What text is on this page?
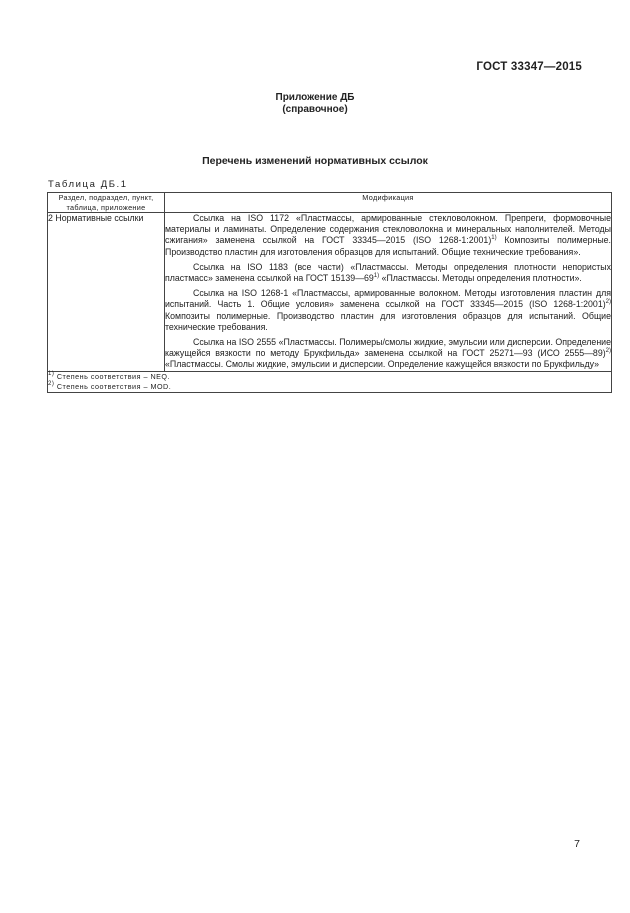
ГОСТ 33347—2015
Приложение ДБ
(справочное)
Перечень изменений нормативных ссылок
Таблица ДБ.1
Раздел, подраздел, пункт,
таблица, приложение	Модификация
2 Нормативные ссылки	Ссылка на ISO 1172 «Пластмассы, армированные стекловолокном. Препреги, формовочные материалы и ламинаты. Определение содержания стекловолокна и минеральных наполнителей. Методы сжигания» заменена ссылкой на ГОСТ 33345—2015 (ISO 1268-1:2001)$^{1)}$ Композиты полимерные. Производство пластин для изготовления образцов для испытаний. Общие технические требования».

Ссылка на ISO 1183 (все части) «Пластмассы. Методы определения плотности непористых пластмасс» заменена ссылкой на ГОСТ 15139—69$^{1)}$ «Пластмассы. Методы определения плотности».

Ссылка на ISO 1268-1 «Пластмассы, армированные волокном. Методы изготовления пластин для испытаний. Часть 1. Общие условия» заменена ссылкой на ГОСТ 33345—2015 (ISO 1268-1:2001)$^{2)}$ Композиты полимерные. Производство пластин для изготовления образцов для испытаний. Общие технические требования.

Ссылка на ISO 2555 «Пластмассы. Полимеры/смолы жидкие, эмульсии или дисперсии. Определение кажущейся вязкости по методу Брукфильда» заменена ссылкой на ГОСТ 25271—93 (ИСО 2555—89)$^{2)}$ «Пластмассы. Смолы жидкие, эмульсии и дисперсии. Определение кажущейся вязкости по Брукфильду»

$^{1)}$ Степень соответствия – NEQ.
$^{2)}$ Степень соответствия – MOD.	
7
